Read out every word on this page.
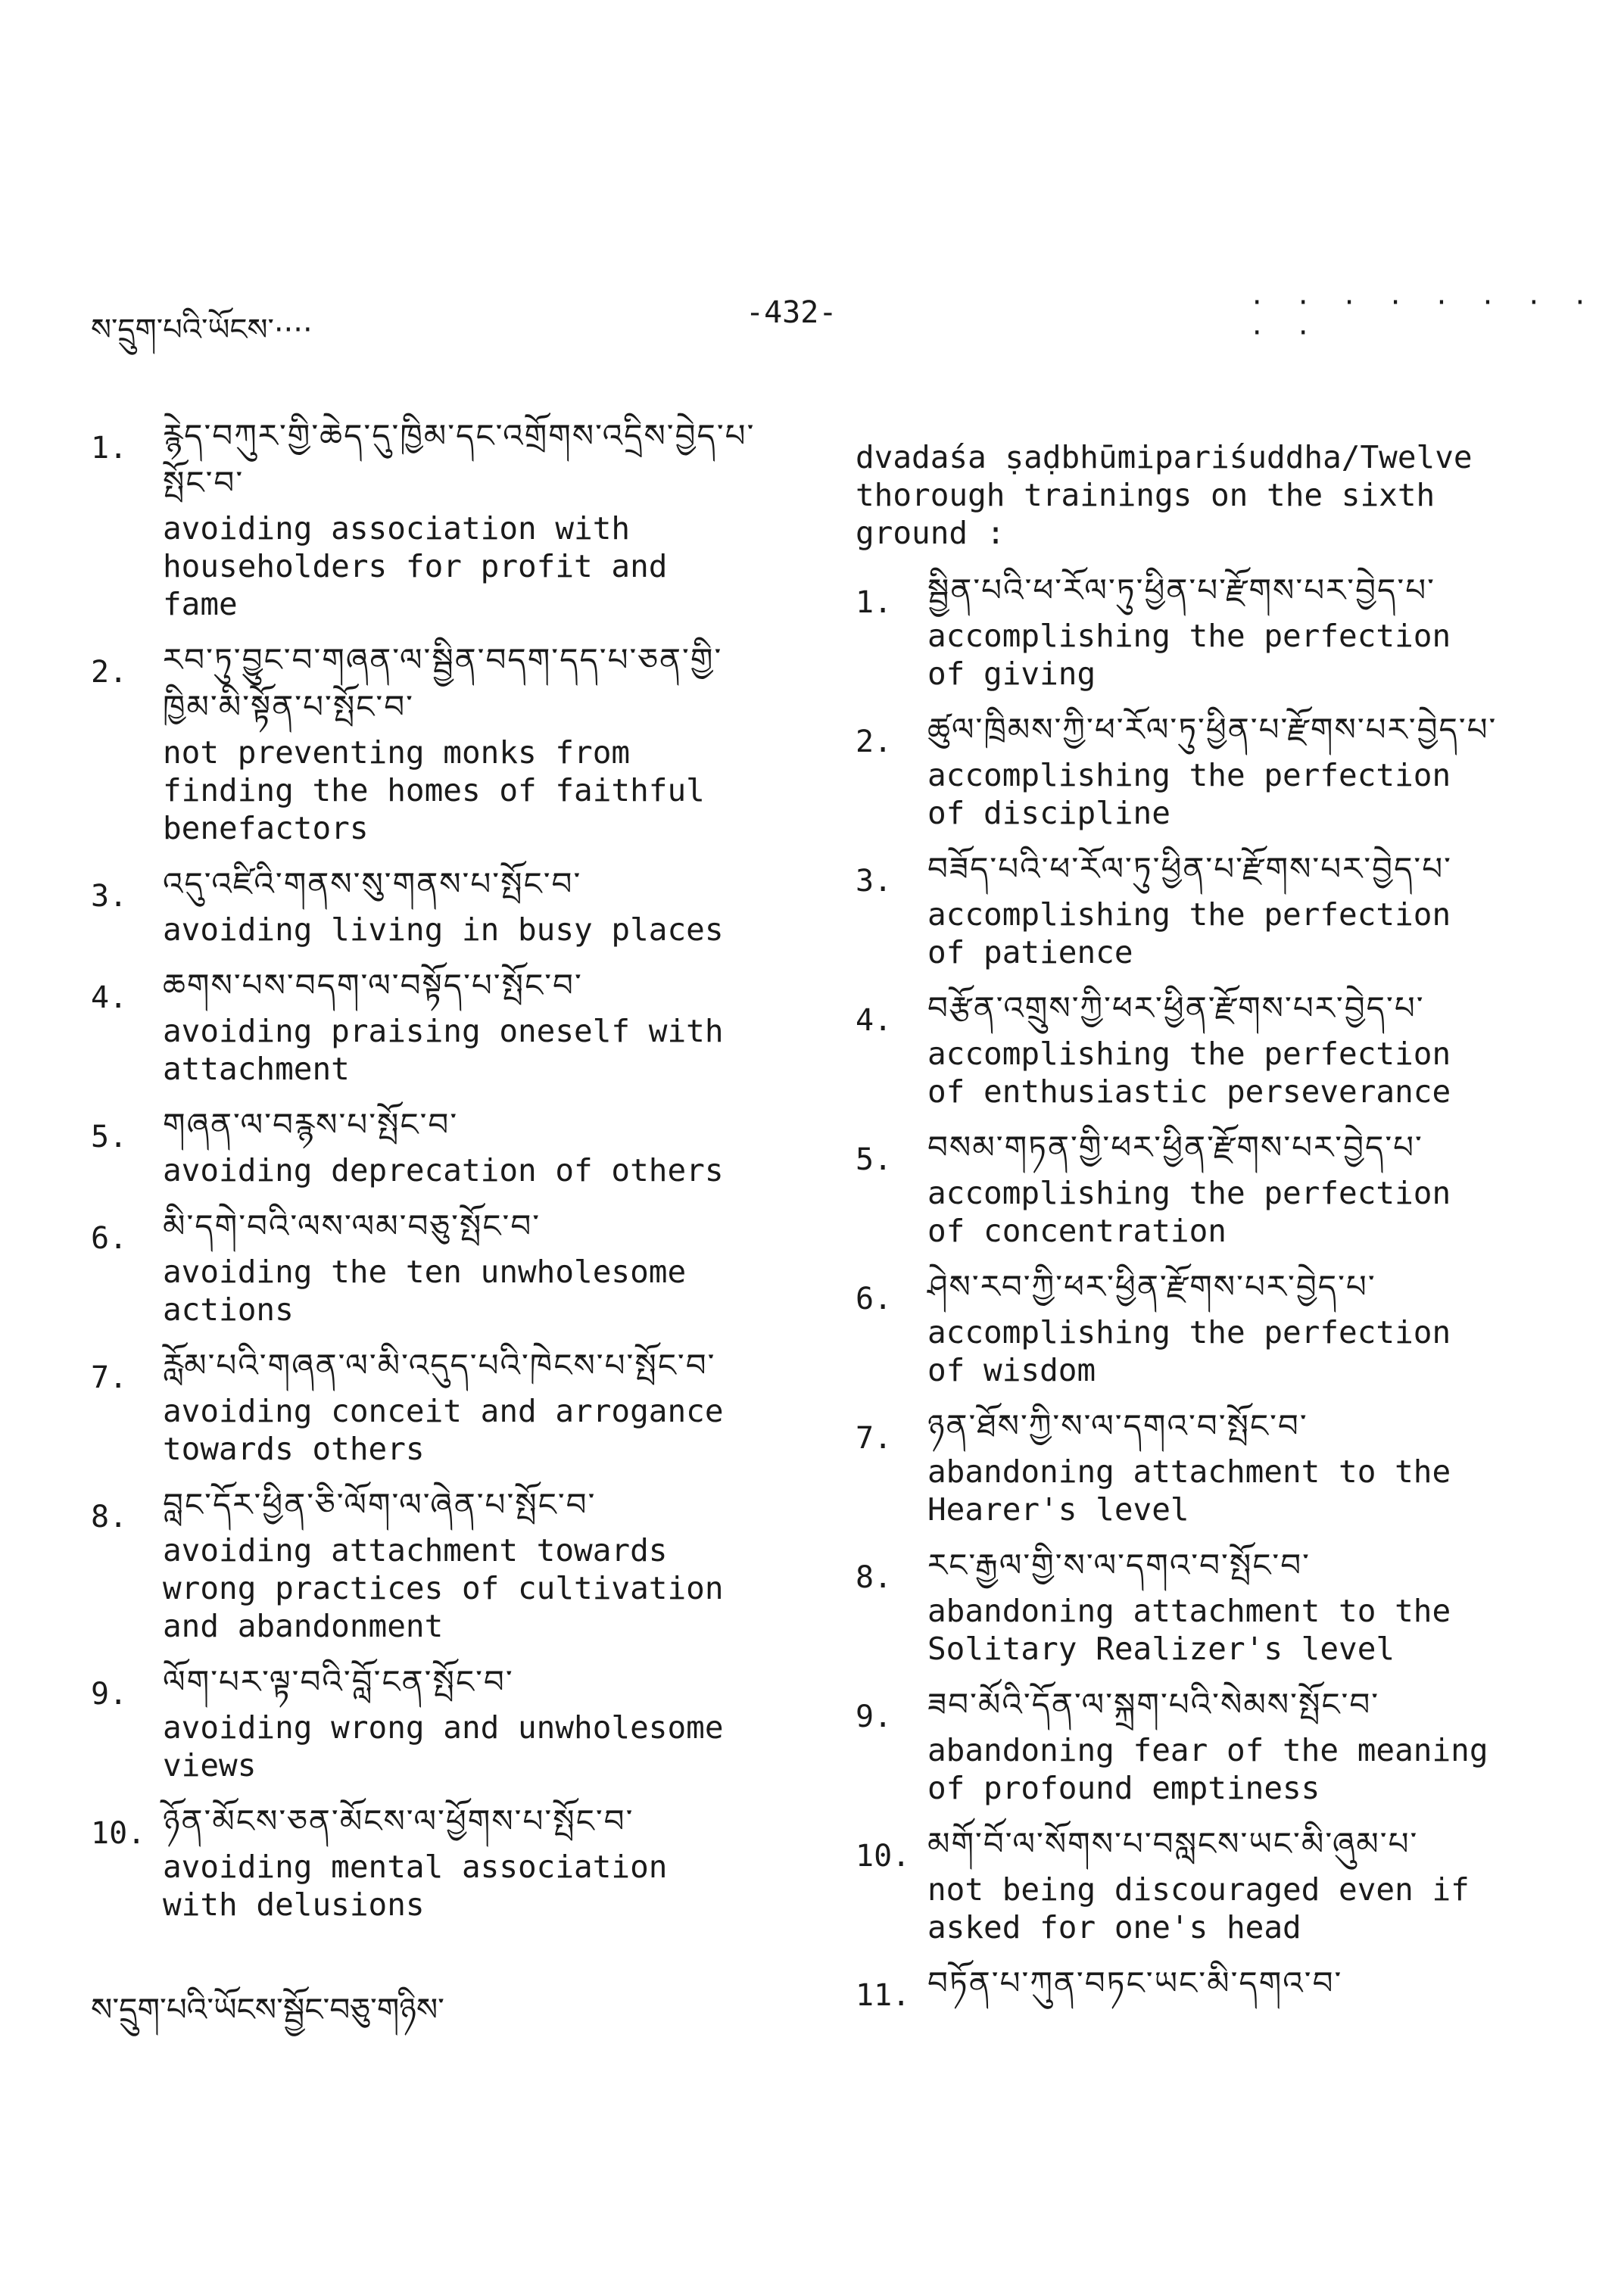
ས་དྲུག་པའི་ཡོངས་····	-432-	· · · · · · · · · ·
1. རྙེད་བཀུར་གྱི་ཆེད་དུ་ཁྱིམ་དང་འགྲོགས་འདྲིས་བྱེད་པ་སྤོང་བ་
avoiding association with
householders for profit and
fame
2. རབ་ཏུ་བྱུང་བ་གཞན་ལ་སྦྱིན་བདག་དད་པ་ཅན་གྱི་ཁྱིམ་མི་སྟོན་པ་སྤོང་བ་
not preventing monks from
finding the homes of faithful
benefactors
3. འདུ་འཛིའི་གནས་སུ་གནས་པ་སྤོང་བ་
avoiding living in busy places
4. ཆགས་པས་བདག་ལ་བསྟོད་པ་སྤོང་བ་
avoiding praising oneself with
attachment
5. གཞན་ལ་བརྙས་པ་སྤོང་བ་
avoiding deprecation of others
6. མི་དགེ་བའི་ལས་ལམ་བཅུ་སྤོང་བ་
avoiding the ten unwholesome
actions
7. རློམ་པའི་གཞན་ལ་མི་འདུད་པའི་ཁེངས་པ་སྤོང་བ་
avoiding conceit and arrogance
towards others
8. བླང་དོར་ཕྱིན་ཅི་ལོག་ལ་ཞེན་པ་སྤོང་བ་
avoiding attachment towards
wrong practices of cultivation
and abandonment
9. ལོག་པར་ལྟ་བའི་བློ་ངན་སྤོང་བ་
avoiding wrong and unwholesome
views
10. ཉོན་མོངས་ཅན་མོངས་ལ་ཕྱོགས་པ་སྤོང་བ་
avoiding mental association
with delusions
ས་དྲུག་པའི་ཡོངས་སྦྱོང་བཅུ་གཉིས་
dvadaśa ṣaḍbhūmipariśuddha/Twelve
thorough trainings on the sixth
ground :
1. སྦྱིན་པའི་ཕ་རོལ་ཏུ་ཕྱིན་པ་རྫོགས་པར་བྱེད་པ་
accomplishing the perfection
of giving
2. ཚུལ་ཁྲིམས་ཀྱི་ཕ་རོལ་ཏུ་ཕྱིན་པ་རྫོགས་པར་བྱེད་པ་
accomplishing the perfection
of discipline
3. བཟོད་པའི་ཕ་རོལ་ཏུ་ཕྱིན་པ་རྫོགས་པར་བྱེད་པ་
accomplishing the perfection
of patience
4. བརྩོན་འགྲུས་ཀྱི་ཕར་ཕྱིན་རྫོགས་པར་བྱེད་པ་
accomplishing the perfection
of enthusiastic perseverance
5. བསམ་གཏན་གྱི་ཕར་ཕྱིན་རྫོགས་པར་བྱེད་པ་
accomplishing the perfection
of concentration
6. ཤེས་རབ་ཀྱི་ཕར་ཕྱིན་རྫོགས་པར་བྱེད་པ་
accomplishing the perfection
of wisdom
7. ཉན་ཐོས་ཀྱི་ས་ལ་དགའ་བ་སྤོང་བ་
abandoning attachment to the
Hearer's level
8. རང་རྒྱལ་གྱི་ས་ལ་དགའ་བ་སྤོང་བ་
abandoning attachment to the
Solitary Realizer's level
9. ཟབ་མོའི་དོན་ལ་སྐྲག་པའི་སེམས་སྤོང་བ་
abandoning fear of the meaning
of profound emptiness
10. མགོ་བོ་ལ་སོགས་པ་བསླངས་ཡང་མི་ཞུམ་པ་
not being discouraged even if
asked for one's head
11. བཏོན་པ་ཀུན་བཏང་ཡང་མི་དགའ་བ་
